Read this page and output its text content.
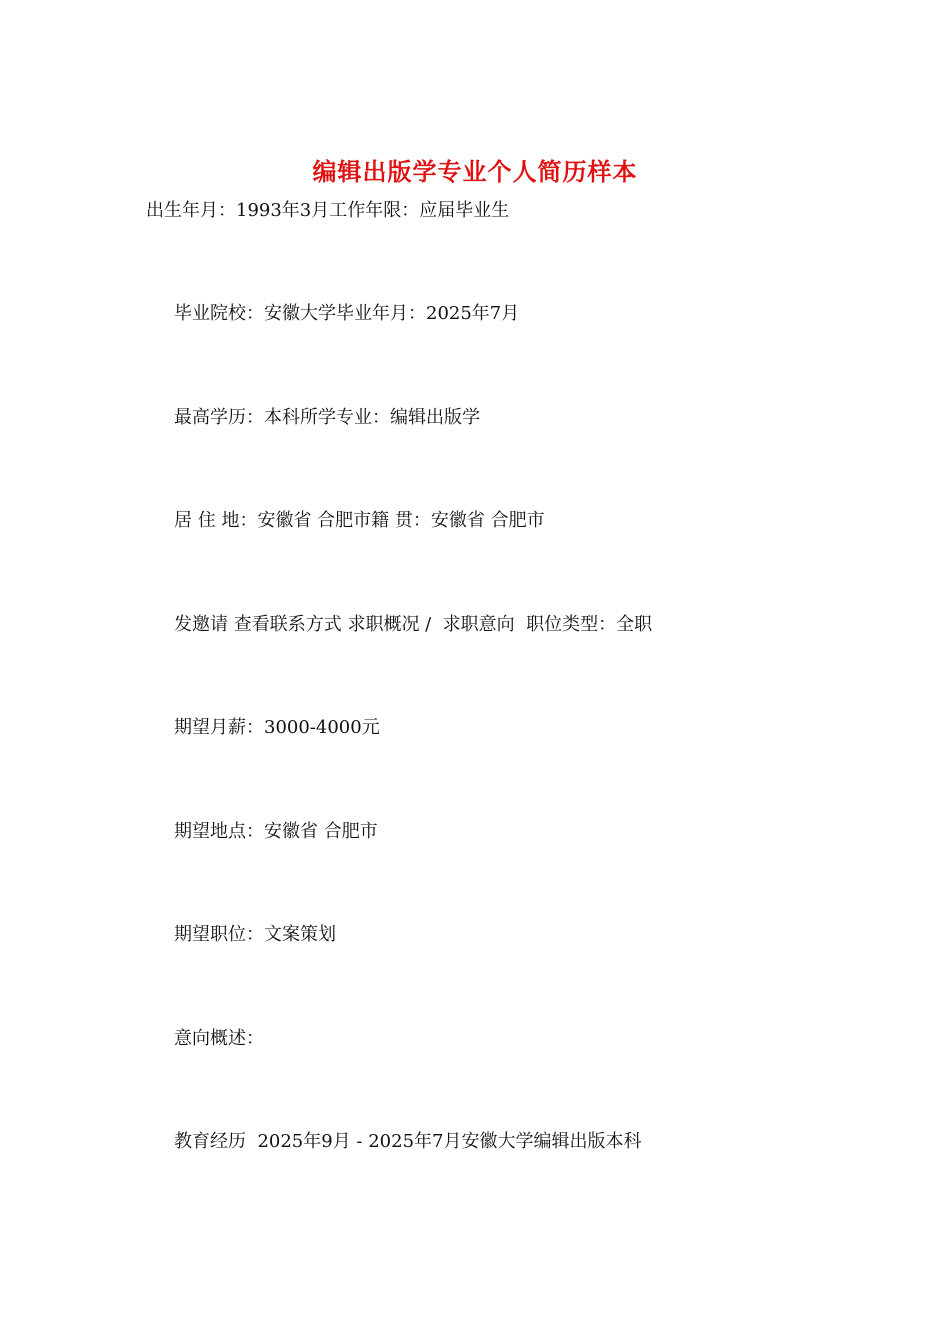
编辑出版学专业个人简历样本

出生年月：1993年3月工作年限：应届毕业生

毕业院校：安徽大学毕业年月：2025年7月

最高学历：本科所学专业：编辑出版学

居 住 地：安徽省 合肥市籍 贯：安徽省 合肥市

发邀请 查看联系方式 求职概况 /  求职意向  职位类型：全职

期望月薪：3000-4000元

期望地点：安徽省 合肥市

期望职位：文案策划

意向概述：

教育经历  2025年9月 - 2025年7月安徽大学编辑出版本科
